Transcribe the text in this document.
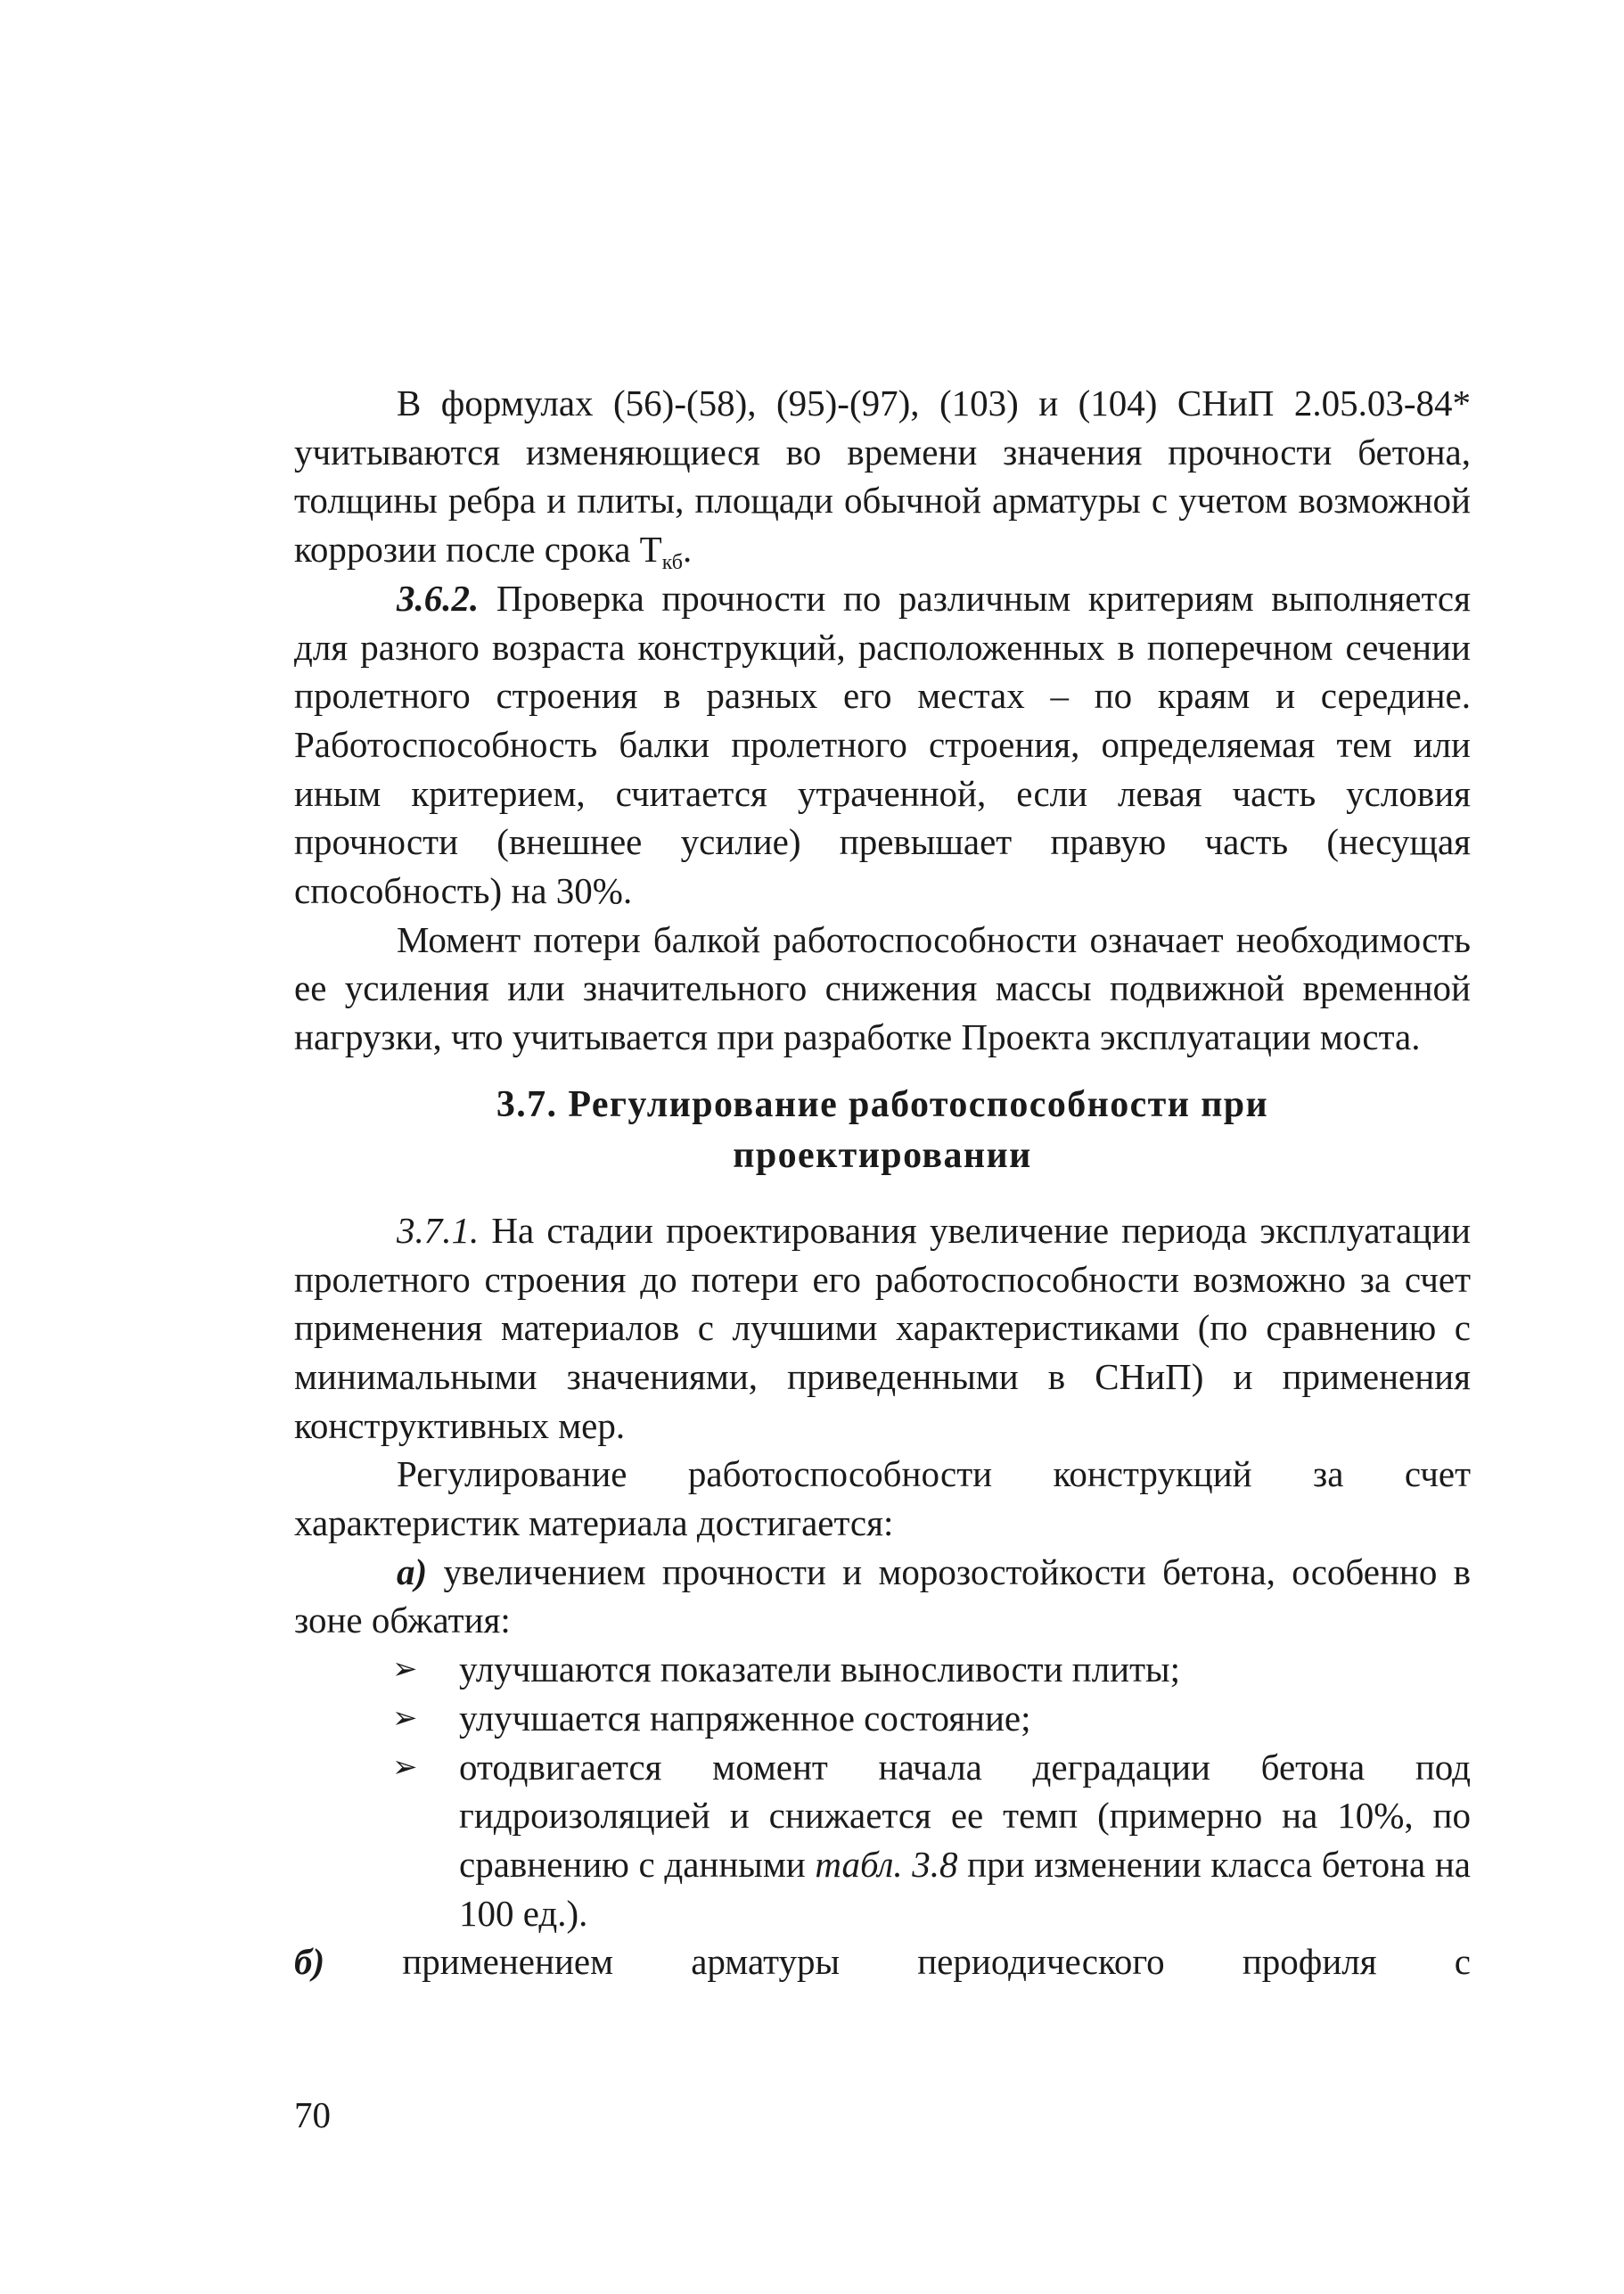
В формулах (56)-(58), (95)-(97), (103) и (104) СНиП 2.05.03-84* учитываются изменяющиеся во времени значения прочности бетона, толщины ребра и плиты, площади обычной арматуры с учетом возможной коррозии после срока $Т_{кб}$.

3.6.2. Проверка прочности по различным критериям выполняется для разного возраста конструкций, расположенных в поперечном сечении пролетного строения в разных его местах – по краям и середине. Работоспособность балки пролетного строения, определяемая тем или иным критерием, считается утраченной, если левая часть условия прочности (внешнее усилие) превышает правую часть (несущая способность) на 30%.

Момент потери балкой работоспособности означает необходимость ее усиления или значительного снижения массы подвижной временной нагрузки, что учитывается при разработке Проекта эксплуатации моста.

3.7. Регулирование работоспособности при
проектировании

3.7.1. На стадии проектирования увеличение периода эксплуатации пролетного строения до потери его работоспособности возможно за счет применения материалов с лучшими характеристиками (по сравнению с минимальными значениями, приведенными в СНиП) и применения конструктивных мер.

Регулирование работоспособности конструкций за счет характеристик материала достигается:

а) увеличением прочности и морозостойкости бетона, особенно в зоне обжатия:

➢ улучшаются показатели выносливости плиты;
➢ улучшается напряженное состояние;
➢ отодвигается момент начала деградации бетона под гидроизоляцией и снижается ее темп (примерно на 10%, по сравнению с данными табл. 3.8 при изменении класса бетона на 100 ед.).

б) применением арматуры периодического профиля с

70
